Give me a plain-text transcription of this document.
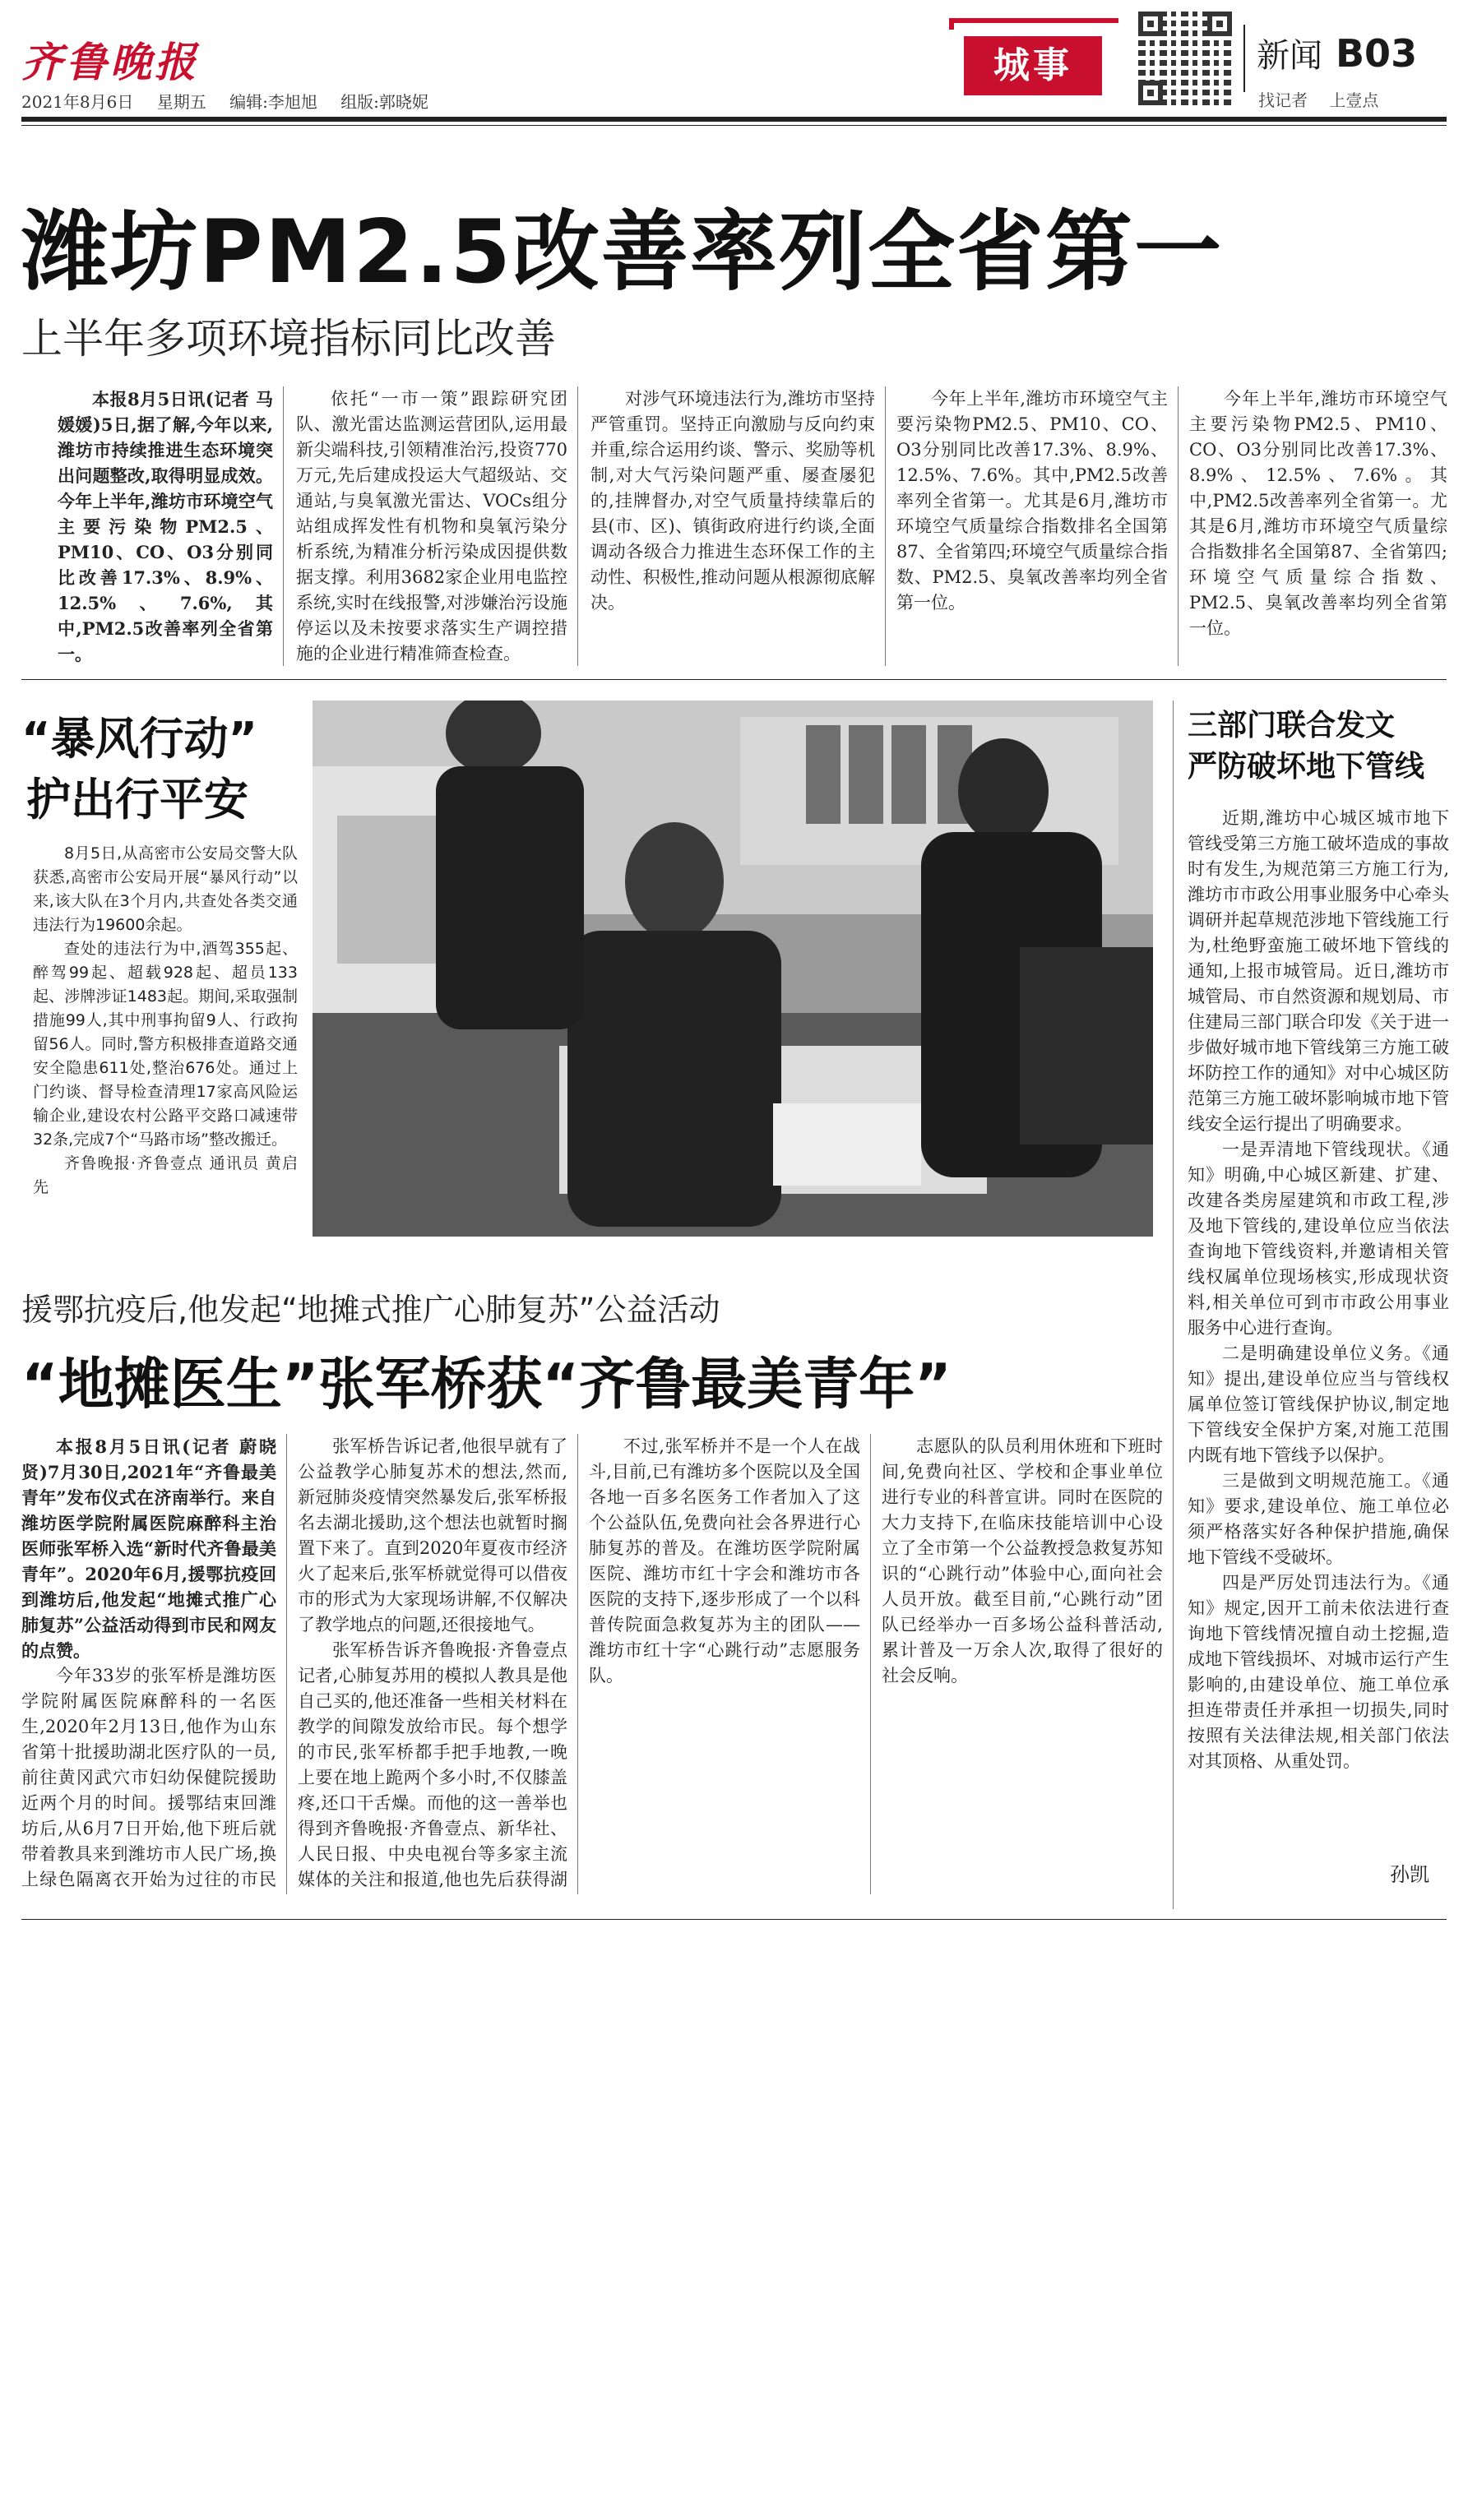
齐鲁晚报
2021年8月6日 星期五 编辑:李旭旭 组版:郭晓妮
城事	新闻 B03
找记者 上壹点
潍坊PM2.5改善率列全省第一
上半年多项环境指标同比改善

本报8月5日讯(记者 马媛媛)5日,据了解,今年以来,潍坊市持续推进生态环境突出问题整改,取得明显成效。今年上半年,潍坊市环境空气主要污染物PM2.5、PM10、CO、O3分别同比改善17.3%、8.9%、12.5%、7.6%,其中,PM2.5改善率列全省第一。

依托“一市一策”跟踪研究团队、激光雷达监测运营团队,运用最新尖端科技,引领精准治污,投资770万元,先后建成投运大气超级站、交通站,与臭氧激光雷达、VOCs组分站组成挥发性有机物和臭氧污染分析系统,为精准分析污染成因提供数据支撑。利用3682家企业用电监控系统,实时在线报警,对涉嫌治污设施停运以及未按要求落实生产调控措施的企业进行精准筛查检查。

对涉气环境违法行为,潍坊市坚持严管重罚。坚持正向激励与反向约束并重,综合运用约谈、警示、奖励等机制,对大气污染问题严重、屡查屡犯的,挂牌督办,对空气质量持续靠后的县(市、区)、镇街政府进行约谈,全面调动各级合力推进生态环保工作的主动性、积极性,推动问题从根源彻底解决。

今年上半年,潍坊市环境空气主要污染物PM2.5、PM10、CO、O3分别同比改善17.3%、8.9%、12.5%、7.6%。其中,PM2.5改善率列全省第一。尤其是6月,潍坊市环境空气质量综合指数排名全国第87、全省第四;环境空气质量综合指数、PM2.5、臭氧改善率均列全省第一位。

今年上半年,潍坊市环境空气主要污染物PM2.5、PM10、CO、O3分别同比改善17.3%、8.9%、12.5%、7.6%。其中,PM2.5改善率列全省第一。尤其是6月,潍坊市环境空气质量综合指数排名全国第87、全省第四;环境空气质量综合指数、PM2.5、臭氧改善率均列全省第一位。

“暴风行动”
护出行平安

8月5日,从高密市公安局交警大队获悉,高密市公安局开展“暴风行动”以来,该大队在3个月内,共查处各类交通违法行为19600余起。

查处的违法行为中,酒驾355起、醉驾99起、超载928起、超员133起、涉牌涉证1483起。期间,采取强制措施99人,其中刑事拘留9人、行政拘留56人。同时,警方积极排查道路交通安全隐患611处,整治676处。通过上门约谈、督导检查清理17家高风险运输企业,建设农村公路平交路口减速带32条,完成7个“马路市场”整改搬迁。

齐鲁晚报·齐鲁壹点 通讯员 黄启先

三部门联合发文
严防破坏地下管线

近期,潍坊中心城区城市地下管线受第三方施工破坏造成的事故时有发生,为规范第三方施工行为,潍坊市市政公用事业服务中心牵头调研并起草规范涉地下管线施工行为,杜绝野蛮施工破坏地下管线的通知,上报市城管局。近日,潍坊市城管局、市自然资源和规划局、市住建局三部门联合印发《关于进一步做好城市地下管线第三方施工破坏防控工作的通知》对中心城区防范第三方施工破坏影响城市地下管线安全运行提出了明确要求。

一是弄清地下管线现状。《通知》明确,中心城区新建、扩建、改建各类房屋建筑和市政工程,涉及地下管线的,建设单位应当依法查询地下管线资料,并邀请相关管线权属单位现场核实,形成现状资料,相关单位可到市市政公用事业服务中心进行查询。

二是明确建设单位义务。《通知》提出,建设单位应当与管线权属单位签订管线保护协议,制定地下管线安全保护方案,对施工范围内既有地下管线予以保护。

三是做到文明规范施工。《通知》要求,建设单位、施工单位必须严格落实好各种保护措施,确保地下管线不受破坏。

四是严厉处罚违法行为。《通知》规定,因开工前未依法进行查询地下管线情况擅自动土挖掘,造成地下管线损坏、对城市运行产生影响的,由建设单位、施工单位承担连带责任并承担一切损失,同时按照有关法律法规,相关部门依法对其顶格、从重处罚。

孙凯
援鄂抗疫后,他发起“地摊式推广心肺复苏”公益活动
“地摊医生”张军桥获“齐鲁最美青年”

本报8月5日讯(记者 蔚晓贤)7月30日,2021年“齐鲁最美青年”发布仪式在济南举行。来自潍坊医学院附属医院麻醉科主治医师张军桥入选“新时代齐鲁最美青年”。2020年6月,援鄂抗疫回到潍坊后,他发起“地摊式推广心肺复苏”公益活动得到市民和网友的点赞。

今年33岁的张军桥是潍坊医学院附属医院麻醉科的一名医生,2020年2月13日,他作为山东省第十批援助湖北医疗队的一员,前往黄冈武穴市妇幼保健院援助近两个月的时间。援鄂结束回潍坊后,从6月7日开始,他下班后就带着教具来到潍坊市人民广场,换上绿色隔离衣开始为过往的市民

张军桥告诉记者,他很早就有了公益教学心肺复苏术的想法,然而,新冠肺炎疫情突然暴发后,张军桥报名去湖北援助,这个想法也就暂时搁置下来了。直到2020年夏夜市经济火了起来后,张军桥就觉得可以借夜市的形式为大家现场讲解,不仅解决了教学地点的问题,还很接地气。

张军桥告诉齐鲁晚报·齐鲁壹点记者,心肺复苏用的模拟人教具是他自己买的,他还准备一些相关材料在教学的间隙发放给市民。每个想学的市民,张军桥都手把手地教,一晚上要在地上跪两个多小时,不仅膝盖疼,还口干舌燥。而他的这一善举也得到齐鲁晚报·齐鲁壹点、新华社、人民日报、中央电视台等多家主流媒体的关注和报道,他也先后获得湖

不过,张军桥并不是一个人在战斗,目前,已有潍坊多个医院以及全国各地一百多名医务工作者加入了这个公益队伍,免费向社会各界进行心肺复苏的普及。在潍坊医学院附属医院、潍坊市红十字会和潍坊市各医院的支持下,逐步形成了一个以科普传院面急救复苏为主的团队——潍坊市红十字“心跳行动”志愿服务队。

志愿队的队员利用休班和下班时间,免费向社区、学校和企事业单位进行专业的科普宣讲。同时在医院的大力支持下,在临床技能培训中心设立了全市第一个公益教授急救复苏知识的“心跳行动”体验中心,面向社会人员开放。截至目前,“心跳行动”团队已经举办一百多场公益科普活动,累计普及一万余人次,取得了很好的社会反响。
